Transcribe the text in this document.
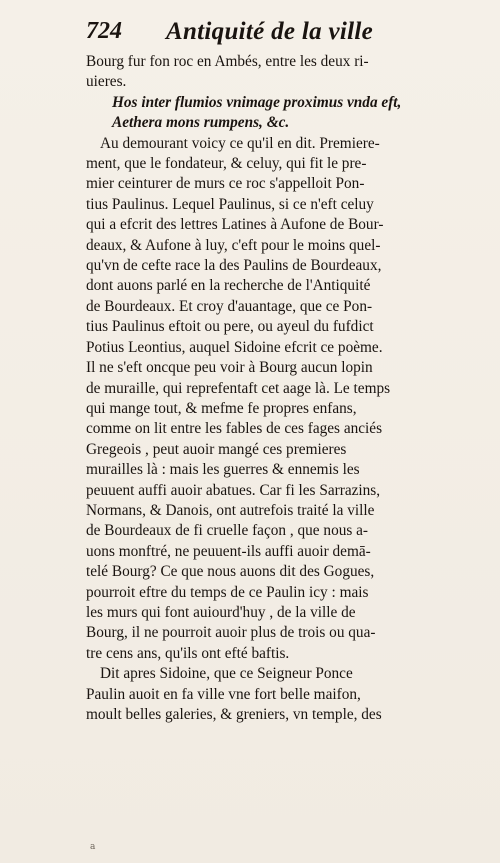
724 Antiquité de la ville
Bourg fur fon roc en Ambés, entre les deux ri-
uieres.
Hos inter flumios vnimage proximus vnda eft,
Aethera mons rumpens, &c.
Au demourant voicy ce qu'il en dit. Premiere-
ment, que le fondateur, & celuy, qui fit le pre-
mier ceinturer de murs ce roc s'appelloit Pon-
tius Paulinus. Lequel Paulinus, si ce n'eft celuy
qui a efcrit des lettres Latines à Aufone de Bour-
deaux, & Aufone à luy, c'eft pour le moins quel-
qu'vn de cefte race la des Paulins de Bourdeaux,
dont auons parlé en la recherche de l'Antiquité
de Bourdeaux. Et croy d'auantage, que ce Pon-
tius Paulinus eftoit ou pere, ou ayeul du fufdict
Potius Leontius, auquel Sidoine efcrit ce poème.
Il ne s'eft oncque peu voir à Bourg aucun lopin
de muraille, qui reprefentaft cet aage là. Le temps
qui mange tout, & mefme fe propres enfans,
comme on lit entre les fables de ces fages anciés
Gregeois , peut auoir mangé ces premieres
murailles là : mais les guerres & ennemis les
peuuent auffi auoir abatues. Car fi les Sarrazins,
Normans, & Danois, ont autrefois traité la ville
de Bourdeaux de fi cruelle façon , que nous a-
uons monftré, ne peuuent-ils auffi auoir demā-
telé Bourg? Ce que nous auons dit des Gogues,
pourroit eftre du temps de ce Paulin icy : mais
les murs qui font auiourd'huy , de la ville de
Bourg, il ne pourroit auoir plus de trois ou qua-
tre cens ans, qu'ils ont efté baftis.
Dit apres Sidoine, que ce Seigneur Ponce
Paulin auoit en fa ville vne fort belle maifon,
moult belles galeries, & greniers, vn temple, des
a
